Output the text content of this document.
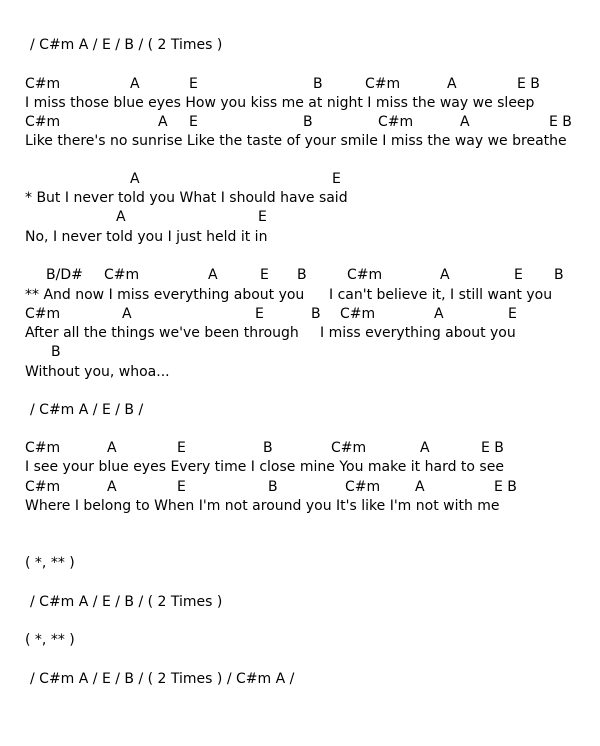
/ C#m A / E / B / ( 2 Times )
C#m	A	E	B	C#m	A	E B
I miss those blue eyes How you kiss me at night I miss the way we sleep
C#m	A E	B	C#m	A	E B
Like there's no sunrise Like the taste of your smile I miss the way we breathe
A	E
* But I never told you What I should have said
A	E
No, I never told you I just held it in
B/D# C#m	A	E B	C#m	A	E B
** And now I miss everything about you I can't believe it, I still want you
C#m	A	E	B C#m	A	E
After all the things we've been through I miss everything about you
B
Without you, whoa...
/ C#m A / E / B /
C#m	A	E	B	C#m	A	E B
I see your blue eyes Every time I close mine You make it hard to see
C#m	A	E	B	C#m A	E B
Where I belong to When I'm not around you It's like I'm not with me
( *, ** )
/ C#m A / E / B / ( 2 Times )
( *, ** )
/ C#m A / E / B / ( 2 Times ) / C#m A /
